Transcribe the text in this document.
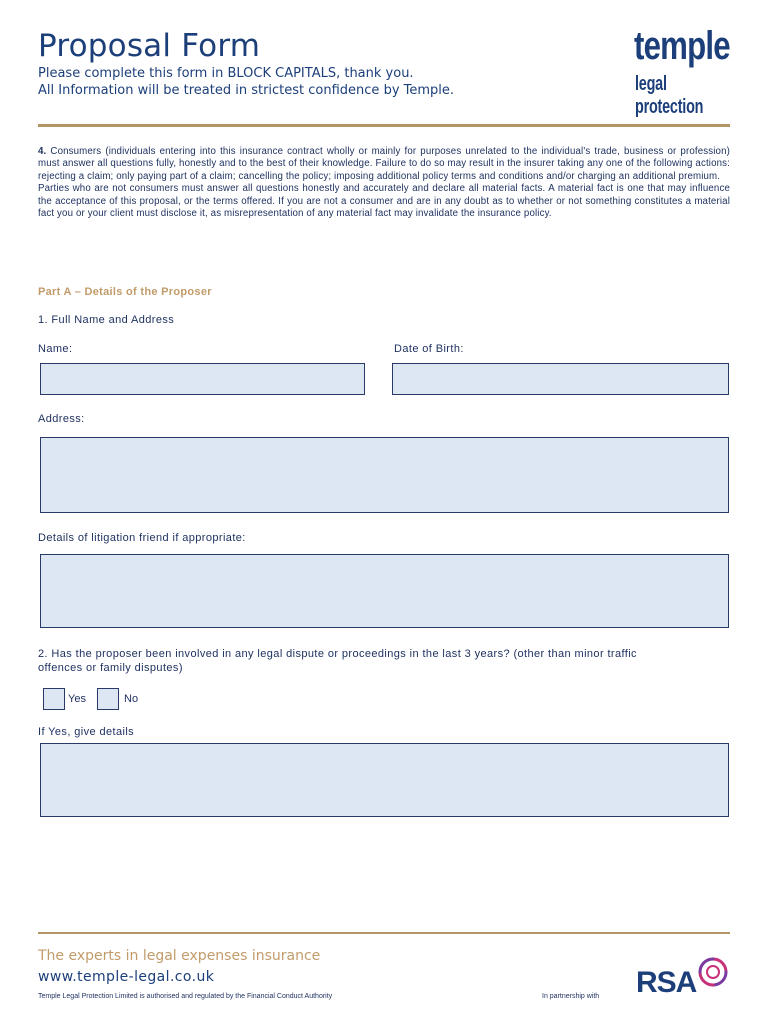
Proposal Form
Please complete this form in BLOCK CAPITALS, thank you.
All Information will be treated in strictest confidence by Temple.
temple
legal protection

4. Consumers (individuals entering into this insurance contract wholly or mainly for purposes unrelated to the individual's trade, business or profession) must answer all questions fully, honestly and to the best of their knowledge. Failure to do so may result in the insurer taking any one of the following actions: rejecting a claim; only paying part of a claim; cancelling the policy; imposing additional policy terms and conditions and/or charging an additional premium.

Parties who are not consumers must answer all questions honestly and accurately and declare all material facts. A material fact is one that may influence the acceptance of this proposal, or the terms offered. If you are not a consumer and are in any doubt as to whether or not something constitutes a material fact you or your client must disclose it, as misrepresentation of any material fact may invalidate the insurance policy.

Part A – Details of the Proposer
1. Full Name and Address
Name:	Date of Birth:
Address:
Details of litigation friend if appropriate:
2. Has the proposer been involved in any legal dispute or proceedings in the last 3 years? (other than minor traffic
offences or family disputes)
Yes	No
If Yes, give details
The experts in legal expenses insurance
www.temple-legal.co.uk
Temple Legal Protection Limited is authorised and regulated by the Financial Conduct Authority	In partnership with RSA
